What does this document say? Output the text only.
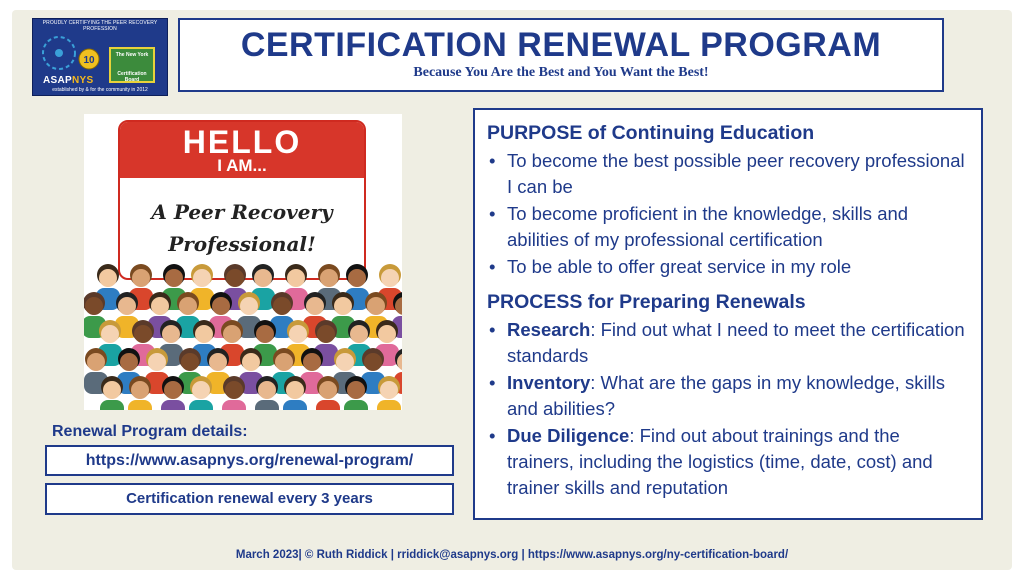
PROUDLY CERTIFYING THE PEER RECOVERY PROFESSION
10	The New York
Certification Board
ASAPNYS
established by & for the community in 2012
CERTIFICATION RENEWAL PROGRAM
Because You Are the Best and You Want the Best!
HELLO
I AM...
A Peer Recovery
Professional!
Renewal Program details:
https://www.asapnys.org/renewal-program/
Certification renewal every 3 years
PURPOSE of Continuing Education
• To become the best possible peer recovery professional I can be
• To become proficient in the knowledge, skills and abilities of my professional certification
• To be able to offer great service in my role
PROCESS for Preparing Renewals
• Research: Find out what I need to meet the certification standards
• Inventory: What are the gaps in my knowledge, skills and abilities?
• Due Diligence: Find out about trainings and the trainers, including the logistics (time, date, cost) and trainer skills and reputation
March 2023| © Ruth Riddick | rriddick@asapnys.org | https://www.asapnys.org/ny-certification-board/
